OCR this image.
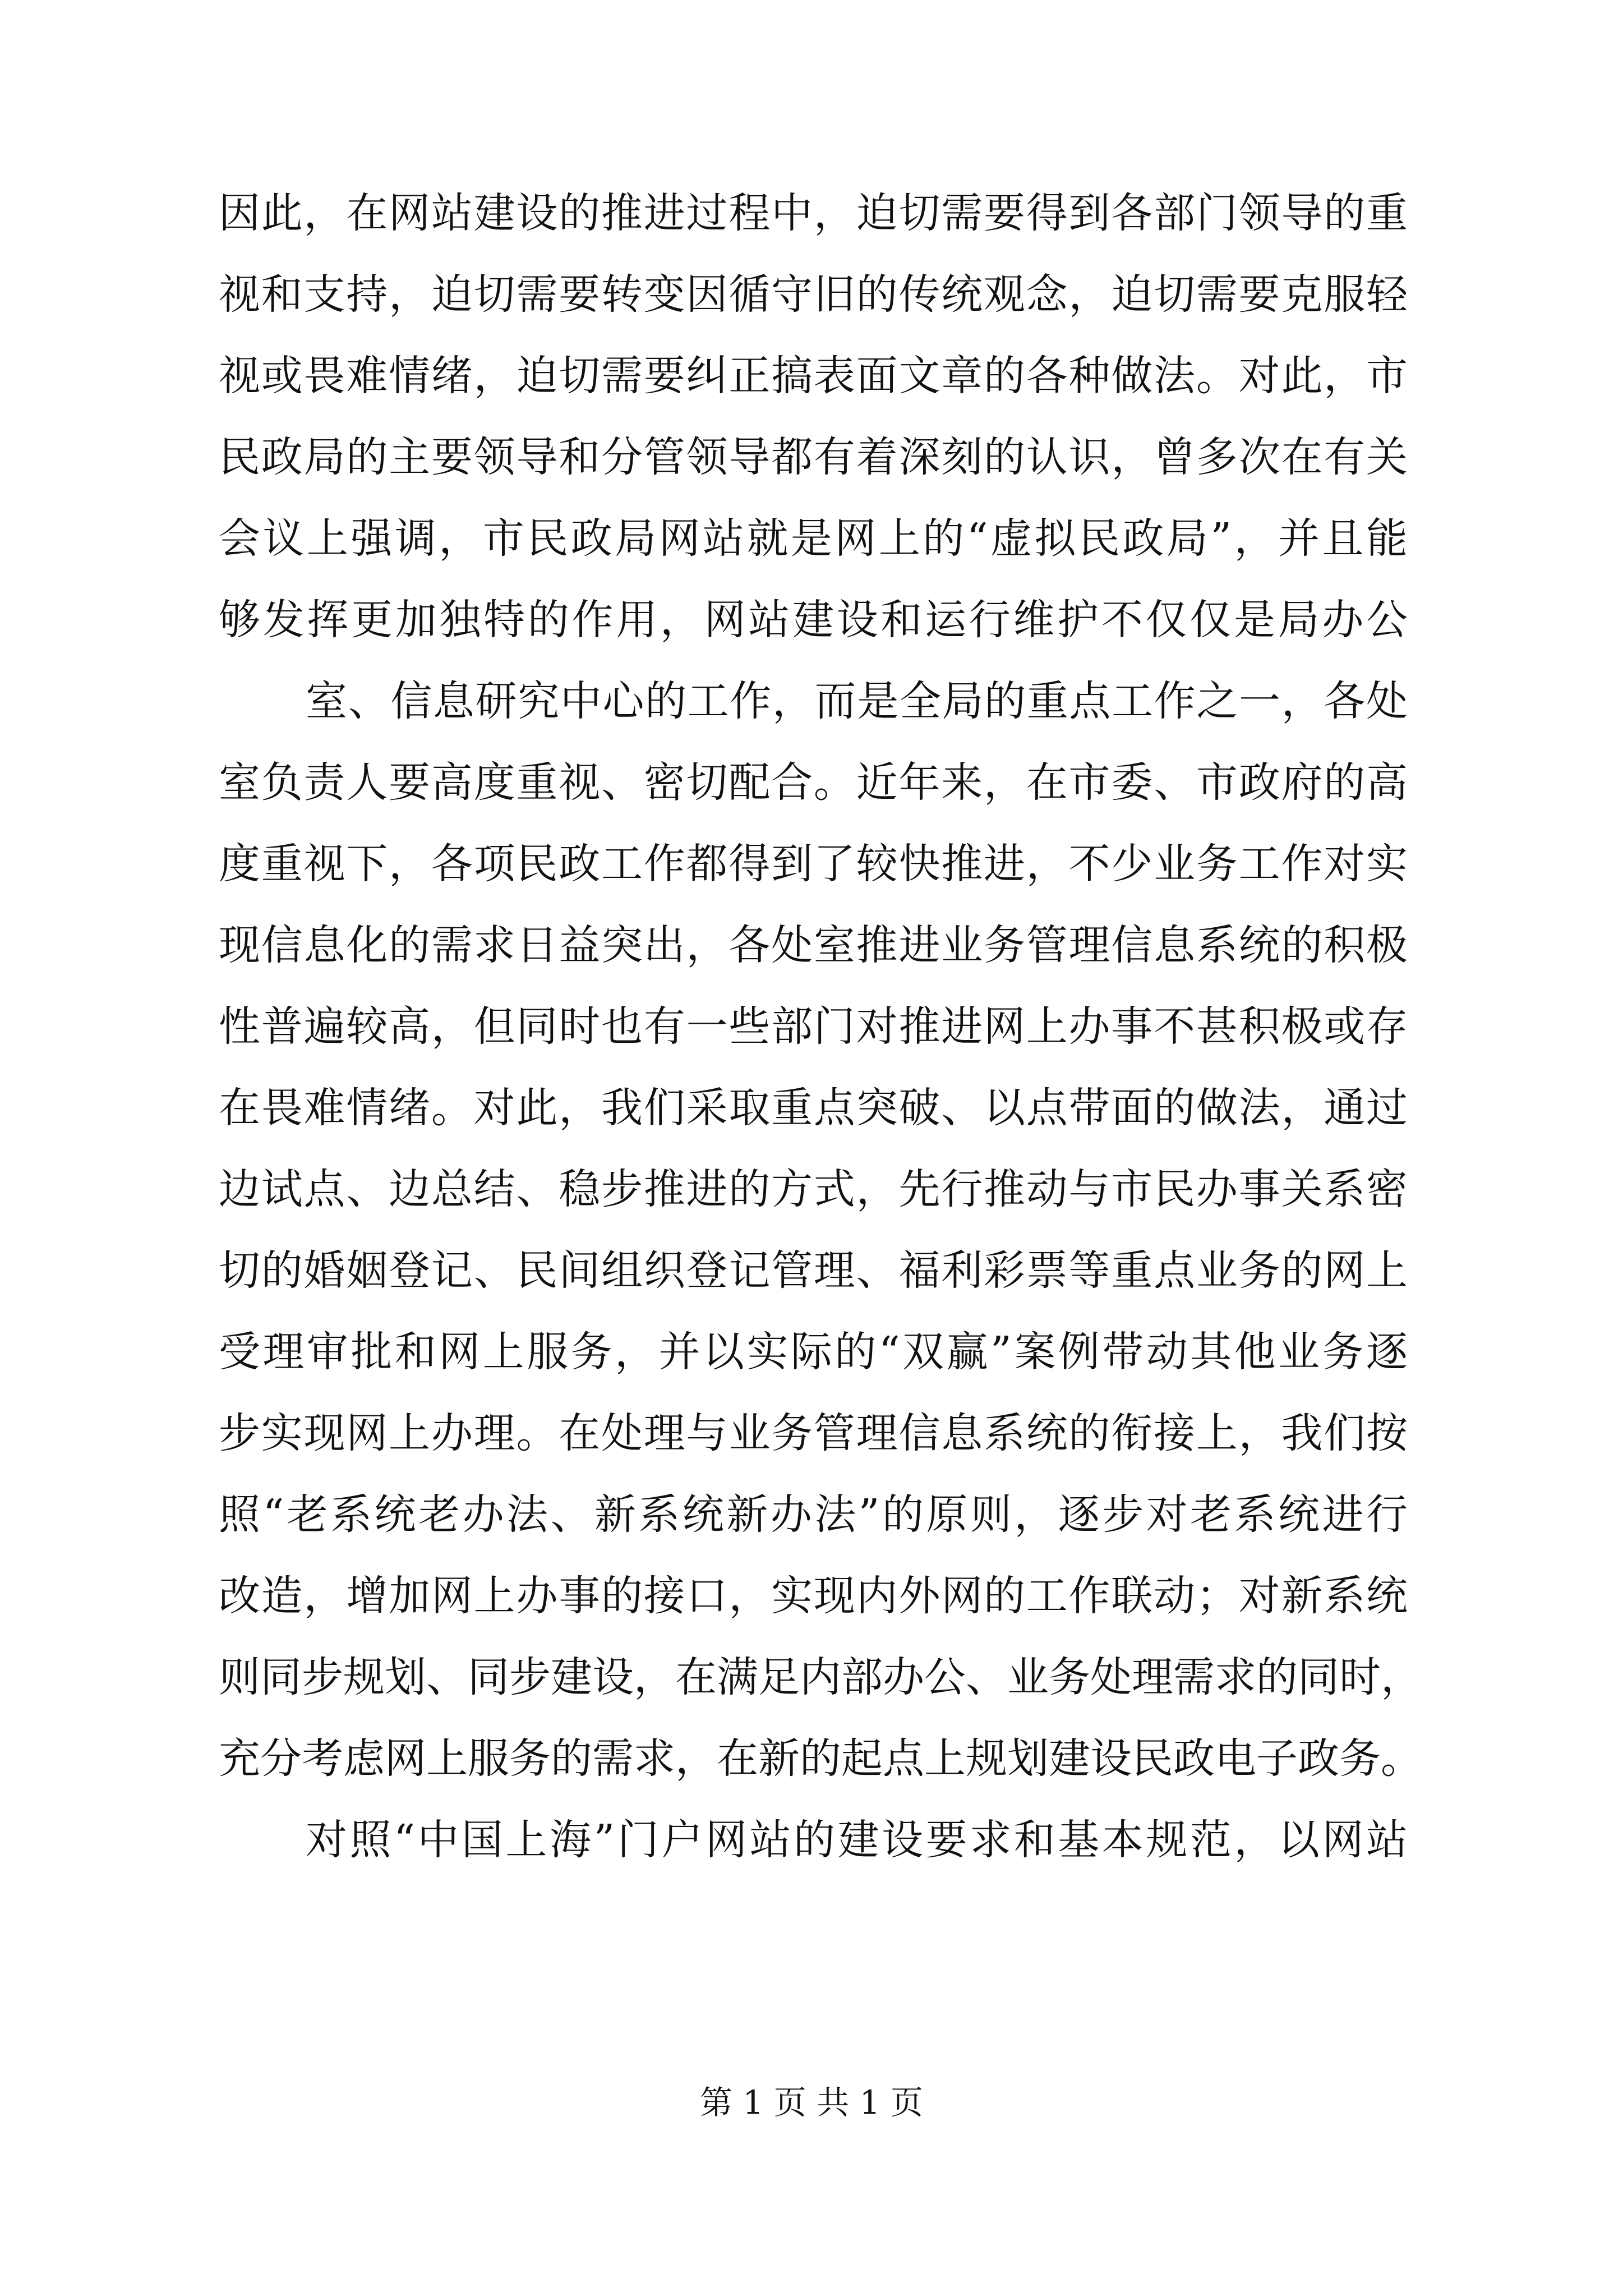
因此，在网站建设的推进过程中，迫切需要得到各部门领导的重
视和支持，迫切需要转变因循守旧的传统观念，迫切需要克服轻
视或畏难情绪，迫切需要纠正搞表面文章的各种做法。对此，市
民政局的主要领导和分管领导都有着深刻的认识，曾多次在有关
会议上强调，市民政局网站就是网上的“虚拟民政局”，并且能
够发挥更加独特的作用，网站建设和运行维护不仅仅是局办公
室、信息研究中心的工作，而是全局的重点工作之一，各处
室负责人要高度重视、密切配合。近年来，在市委、市政府的高
度重视下，各项民政工作都得到了较快推进，不少业务工作对实
现信息化的需求日益突出，各处室推进业务管理信息系统的积极
性普遍较高，但同时也有一些部门对推进网上办事不甚积极或存
在畏难情绪。对此，我们采取重点突破、以点带面的做法，通过
边试点、边总结、稳步推进的方式，先行推动与市民办事关系密
切的婚姻登记、民间组织登记管理、福利彩票等重点业务的网上
受理审批和网上服务，并以实际的“双赢”案例带动其他业务逐
步实现网上办理。在处理与业务管理信息系统的衔接上，我们按
照“老系统老办法、新系统新办法”的原则，逐步对老系统进行
改造，增加网上办事的接口，实现内外网的工作联动；对新系统
则同步规划、同步建设，在满足内部办公、业务处理需求的同时，
充分考虑网上服务的需求，在新的起点上规划建设民政电子政务。
对照“中国上海”门户网站的建设要求和基本规范，以网站
第 1 页 共 1 页
